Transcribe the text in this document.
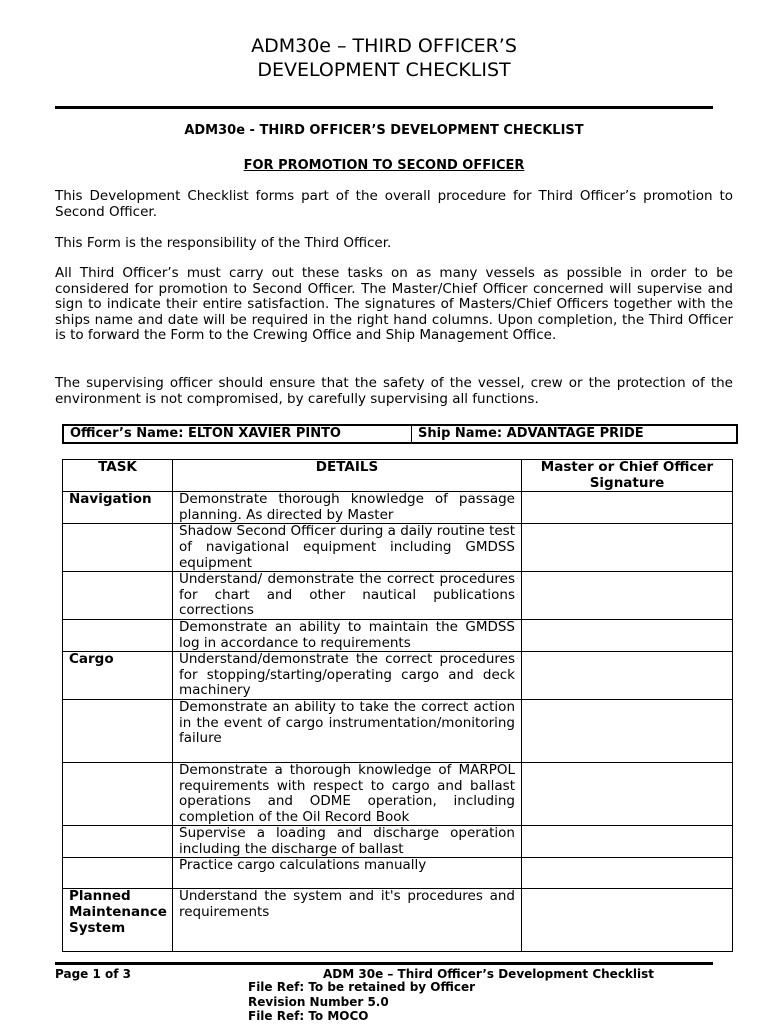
ADM30e – THIRD OFFICER’S
DEVELOPMENT CHECKLIST
ADM30e - THIRD OFFICER’S DEVELOPMENT CHECKLIST
FOR PROMOTION TO SECOND OFFICER

This Development Checklist forms part of the overall procedure for Third Officer’s promotion to Second Officer.

This Form is the responsibility of the Third Officer.

All Third Officer’s must carry out these tasks on as many vessels as possible in order to be considered for promotion to Second Officer. The Master/Chief Officer concerned will supervise and sign to indicate their entire satisfaction. The signatures of Masters/Chief Officers together with the ships name and date will be required in the right hand columns. Upon completion, the Third Officer is to forward the Form to the Crewing Office and Ship Management Office.

The supervising officer should ensure that the safety of the vessel, crew or the protection of the environment is not compromised, by carefully supervising all functions.

Officer’s Name: ELTON XAVIER PINTO	Ship Name: ADVANTAGE PRIDE
TASK	DETAILS	Master or Chief Officer Signature
Navigation	Demonstrate thorough knowledge of passage planning. As directed by Master	
	Shadow Second Officer during a daily routine test of navigational equipment including GMDSS equipment	
	Understand/ demonstrate the correct procedures for chart and other nautical publications corrections	
	Demonstrate an ability to maintain the GMDSS log in accordance to requirements	
Cargo	Understand/demonstrate the correct procedures for stopping/starting/operating cargo and deck machinery	
	Demonstrate an ability to take the correct action in the event of cargo instrumentation/monitoring failure	
	Demonstrate a thorough knowledge of MARPOL requirements with respect to cargo and ballast operations and ODME operation, including completion of the Oil Record Book	
	Supervise a loading and discharge operation including the discharge of ballast	
	Practice cargo calculations manually	
Planned Maintenance System	Understand the system and it's procedures and requirements	
Page 1 of 3	ADM 30e – Third Officer’s Development Checklist
File Ref: To be retained by Officer
Revision Number 5.0
File Ref: To MOCO
